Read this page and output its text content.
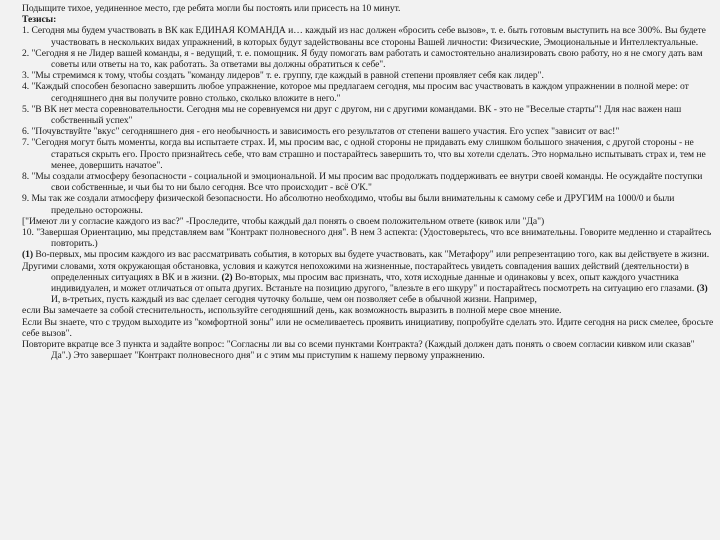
Подыщите тихое, уединенное место, где ребята могли бы постоять или присесть на 10 минут.

Тезисы:

1. Сегодня мы будем участвовать в ВК как ЕДИНАЯ КОМАНДА и… каждый из нас должен «бросить себе вызов», т. е. быть готовым выступить на все 300%. Вы будете участвовать в нескольких видах упражнений, в которых будут задействованы все стороны Вашей личности: Физические, Эмоциональные и Интеллектуальные.

2. "Сегодня я не Лидер вашей команды, я - ведущий, т. е. помощник. Я буду помогать вам работать и самостоятельно анализировать свою работу, но я не смогу дать вам советы или ответы на то, как работать. За ответами вы должны обратиться к себе".

3. "Мы стремимся к тому, чтобы создать "команду лидеров" т. е. группу, где каждый в равной степени проявляет себя как лидер".

4. "Каждый способен безопасно завершить любое упражнение, которое мы предлагаем сегодня, мы просим вас участвовать в каждом упражнении в полной мере: от сегодняшнего дня вы получите ровно столько, сколько вложите в него."

5. "В ВК нет места соревновательности. Сегодня мы не соревнуемся ни друг с другом, ни с другими командами. ВК - это не "Веселые старты"! Для нас важен наш собственный успех"

6. "Почувствуйте "вкус" сегодняшнего дня - его необычность и зависимость его результатов от степени вашего участия. Его успех "зависит от вас!"

7. "Сегодня могут быть моменты, когда вы испытаете страх. И, мы просим вас, с одной стороны не придавать ему слишком большого значения, с другой стороны - не стараться скрыть его. Просто признайтесь себе, что вам страшно и постарайтесь завершить то, что вы хотели сделать. Это нормально испытывать страх и, тем не менее, довершить начатое".

8. "Мы создали атмосферу безопасности - социальной и эмоциональной. И мы просим вас продолжать поддерживать ее внутри своей команды. Не осуждайте поступки свои собственные, и чьи бы то ни было сегодня. Все что происходит - всё О'К."

9. Мы так же создали атмосферу физической безопасности. Но абсолютно необходимо, чтобы вы были внимательны к самому себе и ДРУГИМ на 1000/0 и были предельно осторожны.

["Имеют ли у согласие каждого из вас?" -Проследите, чтобы каждый дал понять о своем положительном ответе (кивок или "Да")

10. "Завершая Ориентацию, мы представляем вам "Контракт полновесного дня". В нем 3 аспекта: (Удостоверьтесь, что все внимательны. Говорите медленно и старайтесь повторить.)

(1) Во-первых, мы просим каждого из вас рассматривать события, в которых вы будете участвовать, как "Метафору" или репрезентацию того, как вы действуете в жизни.

Другими словами, хотя окружающая обстановка, условия и кажутся непохожими на жизненные, постарайтесь увидеть совпадения ваших действий (деятельности) в определенных ситуациях в ВК и в жизни. (2) Во-вторых, мы просим вас признать, что, хотя исходные данные и одинаковы у всех, опыт каждого участника индивидуален, и может отличаться от опыта других. Встаньте на позицию другого, "влезьте в его шкуру" и постарайтесь посмотреть на ситуацию его глазами. (3) И, в-третьих, пусть каждый из вас сделает сегодня чуточку больше, чем он позволяет себе в обычной жизни. Например,

если Вы замечаете за собой стеснительность, используйте сегодняшний день, как возможность выразить в полной мере свое мнение.

Если Вы знаете, что с трудом выходите из "комфортной зоны" или не осмеливаетесь проявить инициативу, попробуйте сделать это. Идите сегодня на риск смелее, бросьте себе вызов".

Повторите вкратце все 3 пункта и задайте вопрос: "Согласны ли вы со всеми пунктами Контракта? (Каждый должен дать понять о своем согласии кивком или сказав" Да".) Это завершает "Контракт полновесного дня" и с этим мы приступим к нашему первому упражнению.
